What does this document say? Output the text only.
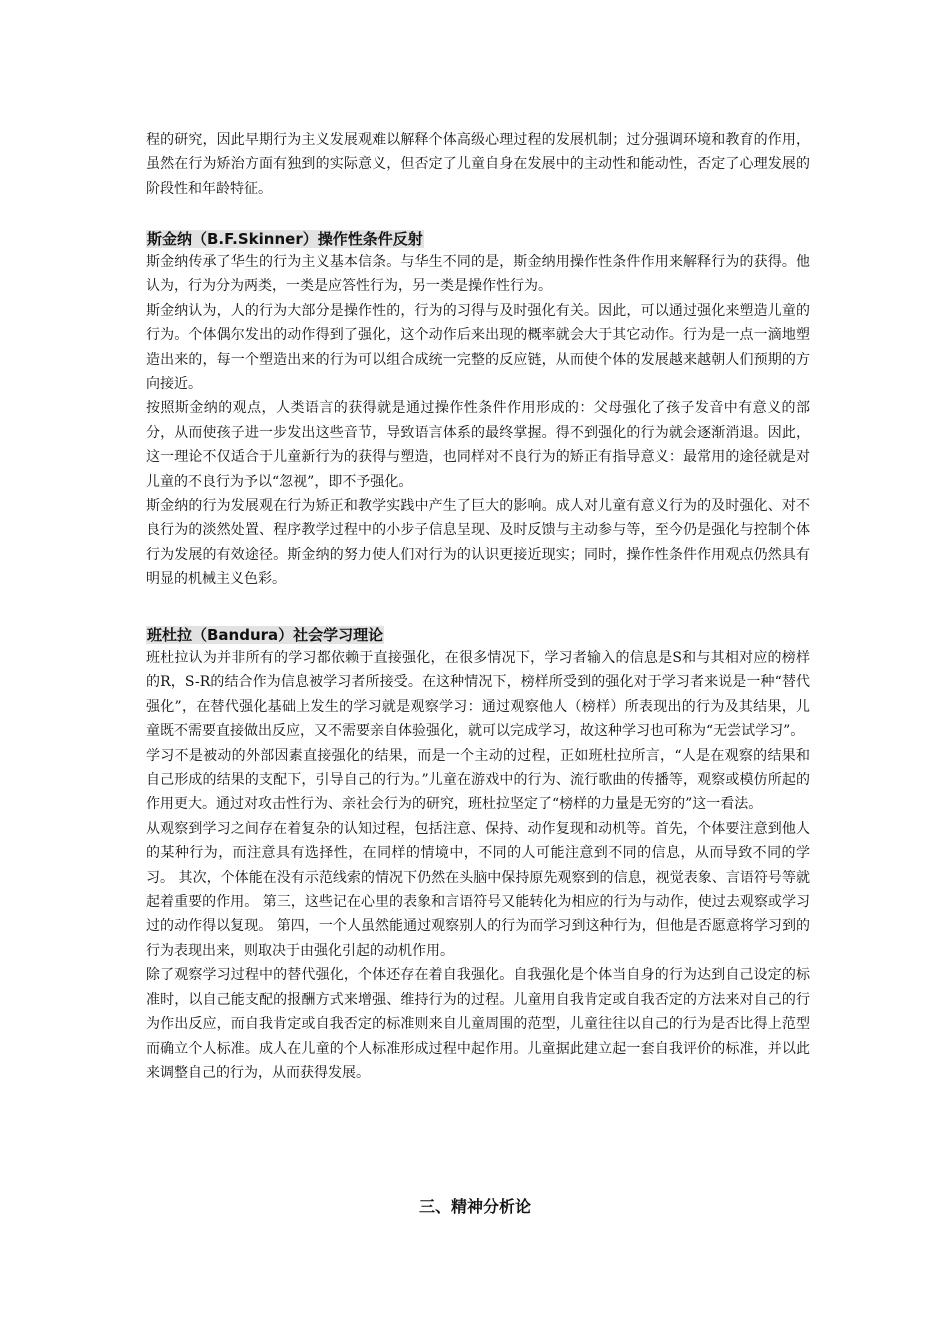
程的研究，因此早期行为主义发展观难以解释个体高级心理过程的发展机制；过分强调环境和教育的作用，虽然在行为矫治方面有独到的实际意义，但否定了儿童自身在发展中的主动性和能动性，否定了心理发展的阶段性和年龄特征。

斯金纳（B.F.Skinner）操作性条件反射

斯金纳传承了华生的行为主义基本信条。与华生不同的是，斯金纳用操作性条件作用来解释行为的获得。他认为，行为分为两类，一类是应答性行为，另一类是操作性行为。

斯金纳认为，人的行为大部分是操作性的，行为的习得与及时强化有关。因此，可以通过强化来塑造儿童的行为。个体偶尔发出的动作得到了强化，这个动作后来出现的概率就会大于其它动作。行为是一点一滴地塑造出来的，每一个塑造出来的行为可以组合成统一完整的反应链，从而使个体的发展越来越朝人们预期的方向接近。

按照斯金纳的观点，人类语言的获得就是通过操作性条件作用形成的：父母强化了孩子发音中有意义的部分，从而使孩子进一步发出这些音节，导致语言体系的最终掌握。得不到强化的行为就会逐渐消退。因此，这一理论不仅适合于儿童新行为的获得与塑造，也同样对不良行为的矫正有指导意义：最常用的途径就是对儿童的不良行为予以“忽视”，即不予强化。

斯金纳的行为发展观在行为矫正和教学实践中产生了巨大的影响。成人对儿童有意义行为的及时强化、对不良行为的淡然处置、程序教学过程中的小步子信息呈现、及时反馈与主动参与等，至今仍是强化与控制个体行为发展的有效途径。斯金纳的努力使人们对行为的认识更接近现实；同时，操作性条件作用观点仍然具有明显的机械主义色彩。

班杜拉（Bandura）社会学习理论

班杜拉认为并非所有的学习都依赖于直接强化，在很多情况下，学习者输入的信息是S和与其相对应的榜样的R，S-R的结合作为信息被学习者所接受。在这种情况下，榜样所受到的强化对于学习者来说是一种“替代强化”，在替代强化基础上发生的学习就是观察学习：通过观察他人（榜样）所表现出的行为及其结果，儿童既不需要直接做出反应，又不需要亲自体验强化，就可以完成学习，故这种学习也可称为“无尝试学习”。

学习不是被动的外部因素直接强化的结果，而是一个主动的过程，正如班杜拉所言，“人是在观察的结果和自己形成的结果的支配下，引导自己的行为。”儿童在游戏中的行为、流行歌曲的传播等，观察或模仿所起的作用更大。通过对攻击性行为、亲社会行为的研究，班杜拉坚定了“榜样的力量是无穷的”这一看法。

从观察到学习之间存在着复杂的认知过程，包括注意、保持、动作复现和动机等。首先，个体要注意到他人的某种行为，而注意具有选择性，在同样的情境中，不同的人可能注意到不同的信息，从而导致不同的学习。 其次，个体能在没有示范线索的情况下仍然在头脑中保持原先观察到的信息，视觉表象、言语符号等就起着重要的作用。 第三，这些记在心里的表象和言语符号又能转化为相应的行为与动作，使过去观察或学习过的动作得以复现。 第四，一个人虽然能通过观察别人的行为而学习到这种行为，但他是否愿意将学习到的行为表现出来，则取决于由强化引起的动机作用。

除了观察学习过程中的替代强化，个体还存在着自我强化。自我强化是个体当自身的行为达到自己设定的标准时，以自己能支配的报酬方式来增强、维持行为的过程。儿童用自我肯定或自我否定的方法来对自己的行为作出反应，而自我肯定或自我否定的标准则来自儿童周围的范型，儿童往往以自己的行为是否比得上范型而确立个人标准。成人在儿童的个人标准形成过程中起作用。儿童据此建立起一套自我评价的标准，并以此来调整自己的行为，从而获得发展。

三、精神分析论
